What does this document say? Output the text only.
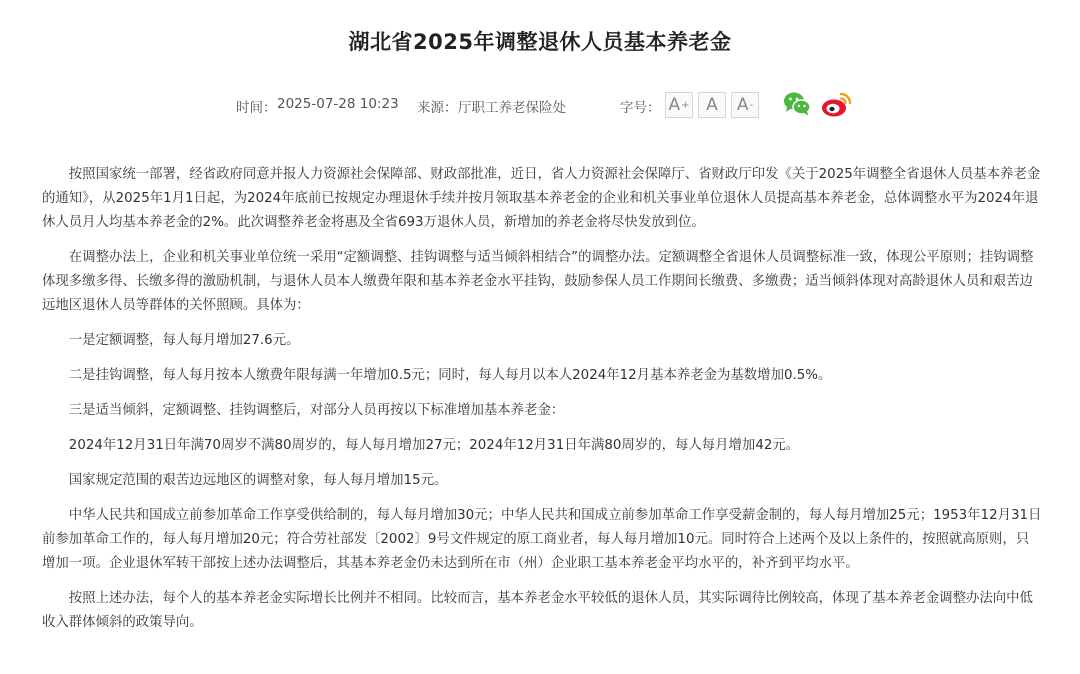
湖北省2025年调整退休人员基本养老金
时间： 2025-07-28 10:23 来源： 厅职工养老保险处	字号： A + A A -

按照国家统一部署，经省政府同意并报人力资源社会保障部、财政部批准，近日，省人力资源社会保障厅、省财政厅印发《关于2025年调整全省退休人员基本养老金的通知》，从2025年1月1日起，为2024年底前已按规定办理退休手续并按月领取基本养老金的企业和机关事业单位退休人员提高基本养老金，总体调整水平为2024年退休人员月人均基本养老金的2%。此次调整养老金将惠及全省693万退休人员，新增加的养老金将尽快发放到位。

在调整办法上，企业和机关事业单位统一采用“定额调整、挂钩调整与适当倾斜相结合”的调整办法。定额调整全省退休人员调整标准一致，体现公平原则；挂钩调整体现多缴多得、长缴多得的激励机制，与退休人员本人缴费年限和基本养老金水平挂钩，鼓励参保人员工作期间长缴费、多缴费；适当倾斜体现对高龄退休人员和艰苦边远地区退休人员等群体的关怀照顾。具体为：

一是定额调整，每人每月增加27.6元。

二是挂钩调整，每人每月按本人缴费年限每满一年增加0.5元；同时，每人每月以本人2024年12月基本养老金为基数增加0.5%。

三是适当倾斜，定额调整、挂钩调整后，对部分人员再按以下标准增加基本养老金：

2024年12月31日年满70周岁不满80周岁的，每人每月增加27元；2024年12月31日年满80周岁的，每人每月增加42元。

国家规定范围的艰苦边远地区的调整对象，每人每月增加15元。

中华人民共和国成立前参加革命工作享受供给制的，每人每月增加30元；中华人民共和国成立前参加革命工作享受薪金制的，每人每月增加25元；1953年12月31日前参加革命工作的，每人每月增加20元；符合劳社部发〔2002〕9号文件规定的原工商业者，每人每月增加10元。同时符合上述两个及以上条件的，按照就高原则，只增加一项。企业退休军转干部按上述办法调整后，其基本养老金仍未达到所在市（州）企业职工基本养老金平均水平的，补齐到平均水平。

按照上述办法，每个人的基本养老金实际增长比例并不相同。比较而言，基本养老金水平较低的退休人员，其实际调待比例较高，体现了基本养老金调整办法向中低收入群体倾斜的政策导向。
